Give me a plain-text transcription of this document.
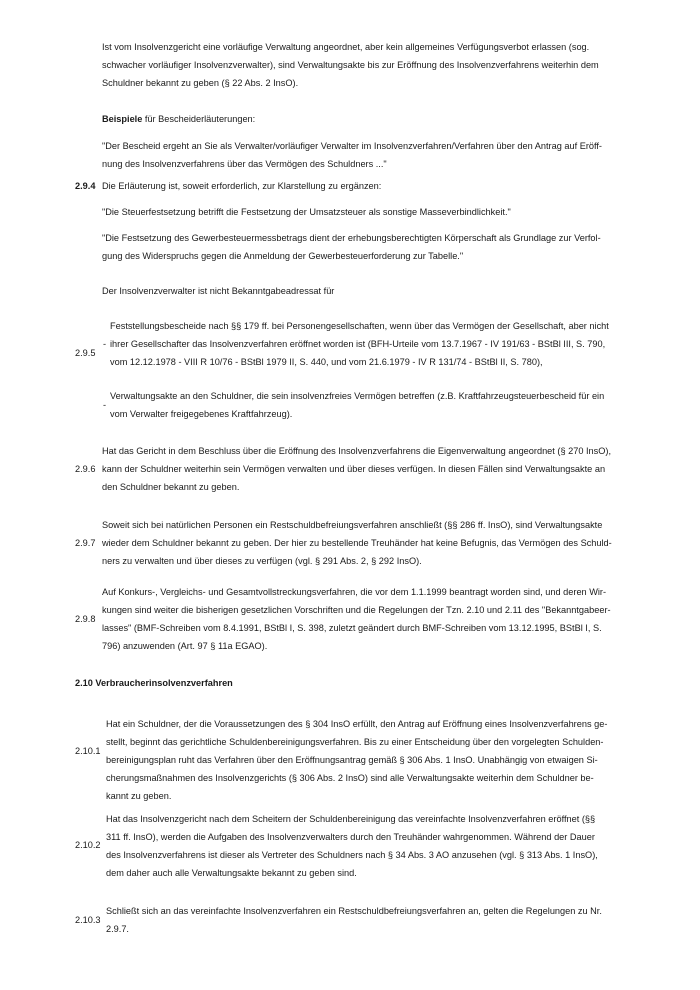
Ist vom Insolvenzgericht eine vorläufige Verwaltung angeordnet, aber kein allgemeines Verfügungsverbot erlassen (sog.
schwacher vorläufiger Insolvenzverwalter), sind Verwaltungsakte bis zur Eröffnung des Insolvenzverfahrens weiterhin dem
Schuldner bekannt zu geben (§ 22 Abs. 2 InsO).
Beispiele für Bescheiderläuterungen:
"Der Bescheid ergeht an Sie als Verwalter/vorläufiger Verwalter im Insolvenzverfahren/Verfahren über den Antrag auf Eröff-
nung des Insolvenzverfahrens über das Vermögen des Schuldners ..."
2.9.4 Die Erläuterung ist, soweit erforderlich, zur Klarstellung zu ergänzen:
"Die Steuerfestsetzung betrifft die Festsetzung der Umsatzsteuer als sonstige Masseverbindlichkeit."
"Die Festsetzung des Gewerbesteuermessbetrags dient der erhebungsberechtigten Körperschaft als Grundlage zur Verfol-
gung des Widerspruchs gegen die Anmeldung der Gewerbesteuerforderung zur Tabelle."
Der Insolvenzverwalter ist nicht Bekanntgabeadressat für
2.9.5
-
Feststellungsbescheide nach §§ 179 ff. bei Personengesellschaften, wenn über das Vermögen der Gesellschaft, aber nicht
ihrer Gesellschafter das Insolvenzverfahren eröffnet worden ist (BFH-Urteile vom 13.7.1967 - IV 191/63 - BStBl III, S. 790,
vom 12.12.1978 - VIII R 10/76 - BStBl 1979 II, S. 440, und vom 21.6.1979 - IV R 131/74 - BStBl II, S. 780),
-
Verwaltungsakte an den Schuldner, die sein insolvenzfreies Vermögen betreffen (z.B. Kraftfahrzeugsteuerbescheid für ein
vom Verwalter freigegebenes Kraftfahrzeug).
2.9.6
Hat das Gericht in dem Beschluss über die Eröffnung des Insolvenzverfahrens die Eigenverwaltung angeordnet (§ 270 InsO),
kann der Schuldner weiterhin sein Vermögen verwalten und über dieses verfügen. In diesen Fällen sind Verwaltungsakte an
den Schuldner bekannt zu geben.
2.9.7
Soweit sich bei natürlichen Personen ein Restschuldbefreiungsverfahren anschließt (§§ 286 ff. InsO), sind Verwaltungsakte
wieder dem Schuldner bekannt zu geben. Der hier zu bestellende Treuhänder hat keine Befugnis, das Vermögen des Schuld-
ners zu verwalten und über dieses zu verfügen (vgl. § 291 Abs. 2, § 292 InsO).
2.9.8
Auf Konkurs-, Vergleichs- und Gesamtvollstreckungsverfahren, die vor dem 1.1.1999 beantragt worden sind, und deren Wir-
kungen sind weiter die bisherigen gesetzlichen Vorschriften und die Regelungen der Tzn. 2.10 und 2.11 des "Bekanntgabeer-
lasses" (BMF-Schreiben vom 8.4.1991, BStBl I, S. 398, zuletzt geändert durch BMF-Schreiben vom 13.12.1995, BStBl I, S.
796) anzuwenden (Art. 97 § 11a EGAO).
2.10 Verbraucherinsolvenzverfahren
2.10.1
Hat ein Schuldner, der die Voraussetzungen des § 304 InsO erfüllt, den Antrag auf Eröffnung eines Insolvenzverfahrens ge-
stellt, beginnt das gerichtliche Schuldenbereinigungsverfahren. Bis zu einer Entscheidung über den vorgelegten Schulden-
bereinigungsplan ruht das Verfahren über den Eröffnungsantrag gemäß § 306 Abs. 1 InsO. Unabhängig von etwaigen Si-
cherungsmaßnahmen des Insolvenzgerichts (§ 306 Abs. 2 InsO) sind alle Verwaltungsakte weiterhin dem Schuldner be-
kannt zu geben.
2.10.2
Hat das Insolvenzgericht nach dem Scheitern der Schuldenbereinigung das vereinfachte Insolvenzverfahren eröffnet (§§
311 ff. InsO), werden die Aufgaben des Insolvenzverwalters durch den Treuhänder wahrgenommen. Während der Dauer
des Insolvenzverfahrens ist dieser als Vertreter des Schuldners nach § 34 Abs. 3 AO anzusehen (vgl. § 313 Abs. 1 InsO),
dem daher auch alle Verwaltungsakte bekannt zu geben sind.
2.10.3
Schließt sich an das vereinfachte Insolvenzverfahren ein Restschuldbefreiungsverfahren an, gelten die Regelungen zu Nr.
2.9.7.
